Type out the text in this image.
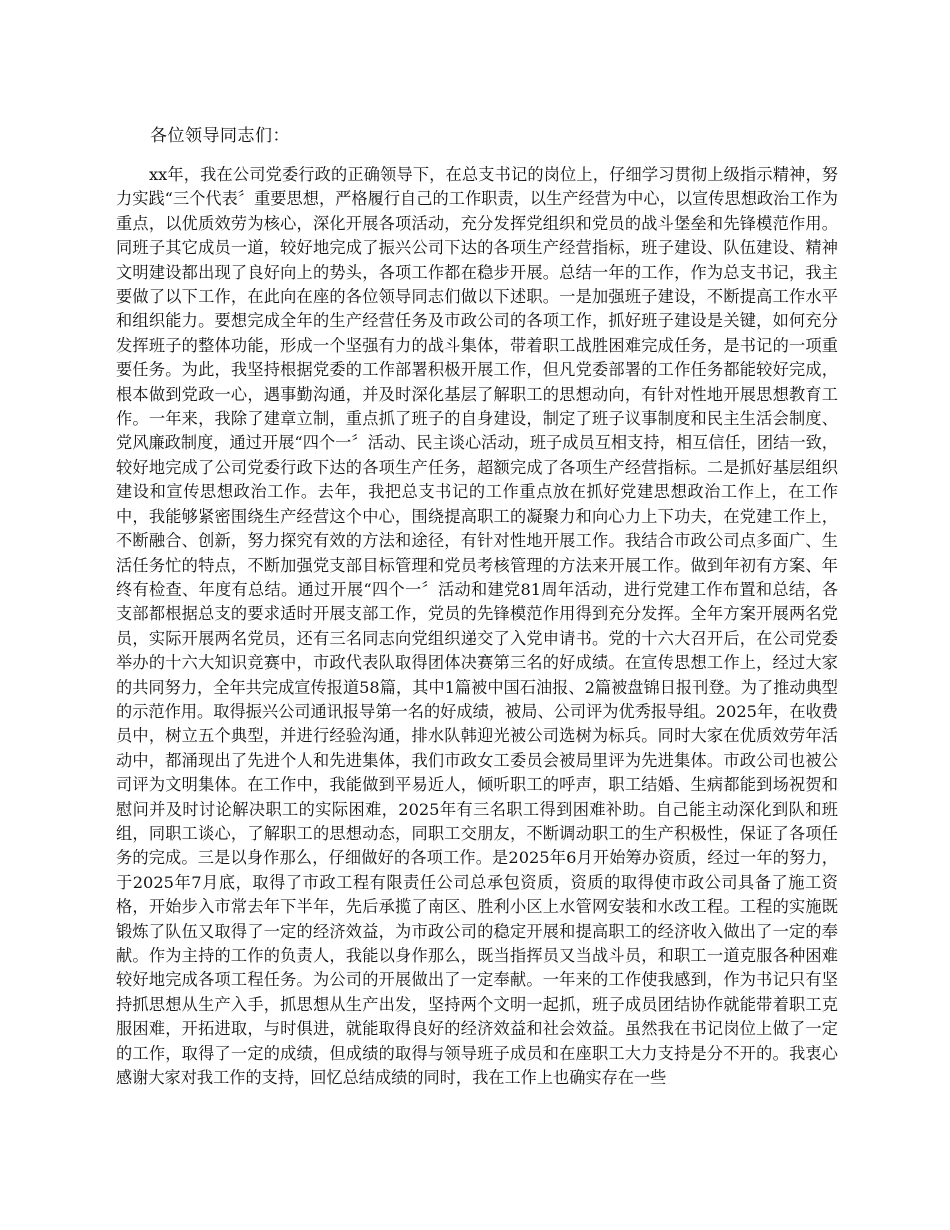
各位领导同志们：

xx年，我在公司党委行政的正确领导下，在总支书记的岗位上，仔细学习贯彻上级指示精神，努力实践“三个代表〞重要思想，严格履行自己的工作职责，以生产经营为中心，以宣传思想政治工作为重点，以优质效劳为核心，深化开展各项活动，充分发挥党组织和党员的战斗堡垒和先锋模范作用。同班子其它成员一道，较好地完成了振兴公司下达的各项生产经营指标，班子建设、队伍建设、精神文明建设都出现了良好向上的势头，各项工作都在稳步开展。总结一年的工作，作为总支书记，我主要做了以下工作，在此向在座的各位领导同志们做以下述职。一是加强班子建设，不断提高工作水平和组织能力。要想完成全年的生产经营任务及市政公司的各项工作，抓好班子建设是关键，如何充分发挥班子的整体功能，形成一个坚强有力的战斗集体，带着职工战胜困难完成任务，是书记的一项重要任务。为此，我坚持根据党委的工作部署积极开展工作，但凡党委部署的工作任务都能较好完成，根本做到党政一心，遇事勤沟通，并及时深化基层了解职工的思想动向，有针对性地开展思想教育工作。一年来，我除了建章立制，重点抓了班子的自身建设，制定了班子议事制度和民主生活会制度、党风廉政制度，通过开展“四个一〞活动、民主谈心活动，班子成员互相支持，相互信任，团结一致，较好地完成了公司党委行政下达的各项生产任务，超额完成了各项生产经营指标。二是抓好基层组织建设和宣传思想政治工作。去年，我把总支书记的工作重点放在抓好党建思想政治工作上，在工作中，我能够紧密围绕生产经营这个中心，围绕提高职工的凝聚力和向心力上下功夫，在党建工作上，不断融合、创新，努力探究有效的方法和途径，有针对性地开展工作。我结合市政公司点多面广、生活任务忙的特点，不断加强党支部目标管理和党员考核管理的方法来开展工作。做到年初有方案、年终有检查、年度有总结。通过开展“四个一〞活动和建党81周年活动，进行党建工作布置和总结，各支部都根据总支的要求适时开展支部工作，党员的先锋模范作用得到充分发挥。全年方案开展两名党员，实际开展两名党员，还有三名同志向党组织递交了入党申请书。党的十六大召开后，在公司党委举办的十六大知识竞赛中，市政代表队取得团体决赛第三名的好成绩。在宣传思想工作上，经过大家的共同努力，全年共完成宣传报道58篇，其中1篇被中国石油报、2篇被盘锦日报刊登。为了推动典型的示范作用。取得振兴公司通讯报导第一名的好成绩，被局、公司评为优秀报导组。2025年，在收费员中，树立五个典型，并进行经验沟通，排水队韩迎光被公司选树为标兵。同时大家在优质效劳年活动中，都涌现出了先进个人和先进集体，我们市政女工委员会被局里评为先进集体。市政公司也被公司评为文明集体。在工作中，我能做到平易近人，倾听职工的呼声，职工结婚、生病都能到场祝贺和慰问并及时讨论解决职工的实际困难，2025年有三名职工得到困难补助。自己能主动深化到队和班组，同职工谈心，了解职工的思想动态，同职工交朋友，不断调动职工的生产积极性，保证了各项任务的完成。三是以身作那么，仔细做好的各项工作。是2025年6月开始筹办资质，经过一年的努力，于2025年7月底，取得了市政工程有限责任公司总承包资质，资质的取得使市政公司具备了施工资格，开始步入市常去年下半年，先后承揽了南区、胜利小区上水管网安装和水改工程。工程的实施既锻炼了队伍又取得了一定的经济效益，为市政公司的稳定开展和提高职工的经济收入做出了一定的奉献。作为主持的工作的负责人，我能以身作那么，既当指挥员又当战斗员，和职工一道克服各种困难较好地完成各项工程任务。为公司的开展做出了一定奉献。一年来的工作使我感到，作为书记只有坚持抓思想从生产入手，抓思想从生产出发，坚持两个文明一起抓，班子成员团结协作就能带着职工克服困难，开拓进取，与时俱进，就能取得良好的经济效益和社会效益。虽然我在书记岗位上做了一定的工作，取得了一定的成绩，但成绩的取得与领导班子成员和在座职工大力支持是分不开的。我衷心感谢大家对我工作的支持，回忆总结成绩的同时，我在工作上也确实存在一些
